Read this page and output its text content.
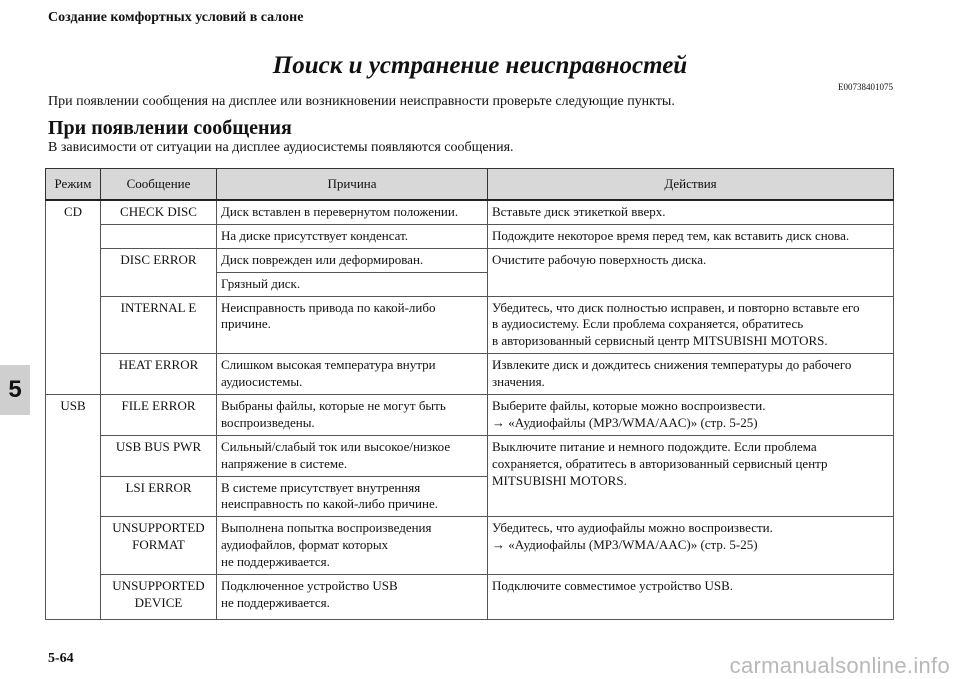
Создание комфортных условий в салоне
Поиск и устранение неисправностей
E00738401075
При появлении сообщения на дисплее или возникновении неисправности проверьте следующие пункты.
При появлении сообщения
В зависимости от ситуации на дисплее аудиосистемы появляются сообщения.
Режим	Сообщение	Причина	Действия
CD	CHECK DISC	Диск вставлен в перевернутом положении.	Вставьте диск этикеткой вверх.

		На диске присутствует конденсат.	Подождите некоторое время перед тем, как вставить диск снова.

	DISC ERROR	Диск поврежден или деформирован.	Очистите рабочую поверхность диска.

		Грязный диск.	

	INTERNAL E	Неисправность привода по какой-либо
причине.	Убедитесь, что диск полностью исправен, и повторно вставьте его
в аудиосистему. Если проблема сохраняется, обратитесь
в авторизованный сервисный центр MITSUBISHI MOTORS.

	HEAT ERROR	Слишком высокая температура внутри
аудиосистемы.	Извлеките диск и дождитесь снижения температуры до рабочего
значения.

USB	FILE ERROR	Выбраны файлы, которые не могут быть
воспроизведены.	Выберите файлы, которые можно воспроизвести.
→ «Аудиофайлы (MP3/WMA/AAC)» (стр. 5-25)

	USB BUS PWR	Сильный/слабый ток или высокое/низкое
напряжение в системе.	Выключите питание и немного подождите. Если проблема
сохраняется, обратитесь в авторизованный сервисный центр
MITSUBISHI MOTORS.

	LSI ERROR	В системе присутствует внутренняя
неисправность по какой-либо причине.	

	UNSUPPORTED
FORMAT	Выполнена попытка воспроизведения
аудиофайлов, формат которых
не поддерживается.	Убедитесь, что аудиофайлы можно воспроизвести.
→ «Аудиофайлы (MP3/WMA/AAC)» (стр. 5-25)

	UNSUPPORTED
DEVICE	Подключенное устройство USB
не поддерживается.	Подключите совместимое устройство USB.
5
5-64	carmanualsonline.info
